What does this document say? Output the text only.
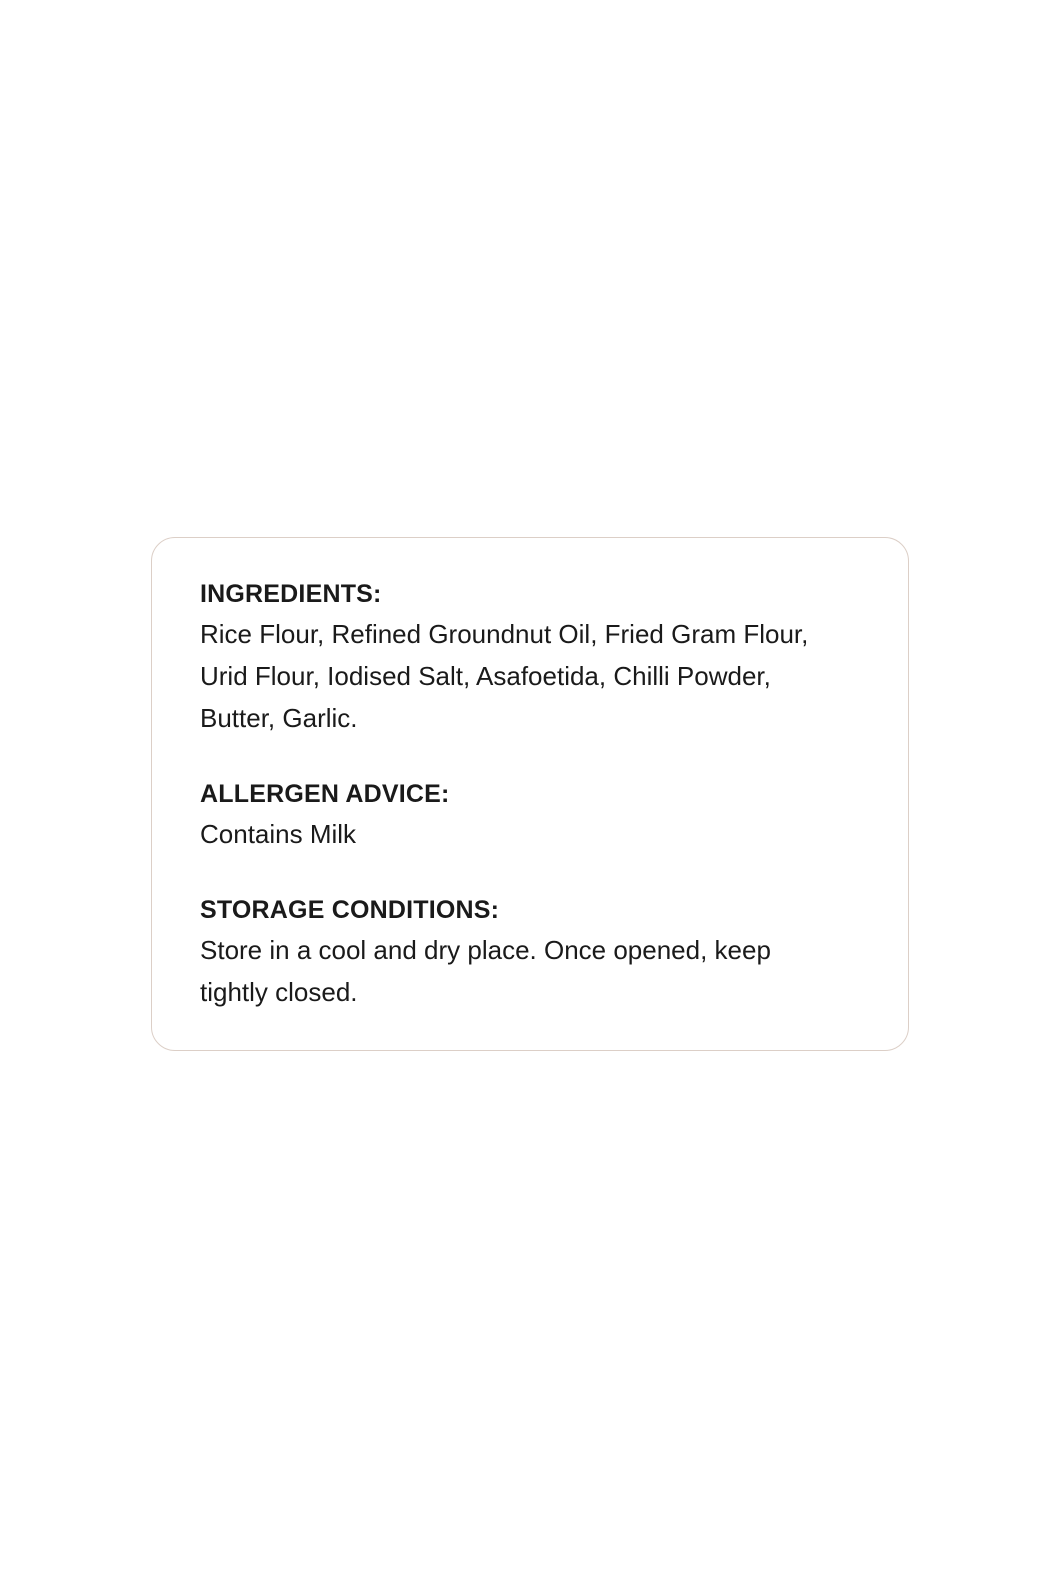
INGREDIENTS:
Rice Flour, Refined Groundnut Oil, Fried Gram Flour,
Urid Flour, Iodised Salt, Asafoetida, Chilli Powder,
Butter, Garlic.
ALLERGEN ADVICE:
Contains Milk
STORAGE CONDITIONS:
Store in a cool and dry place. Once opened, keep
tightly closed.
